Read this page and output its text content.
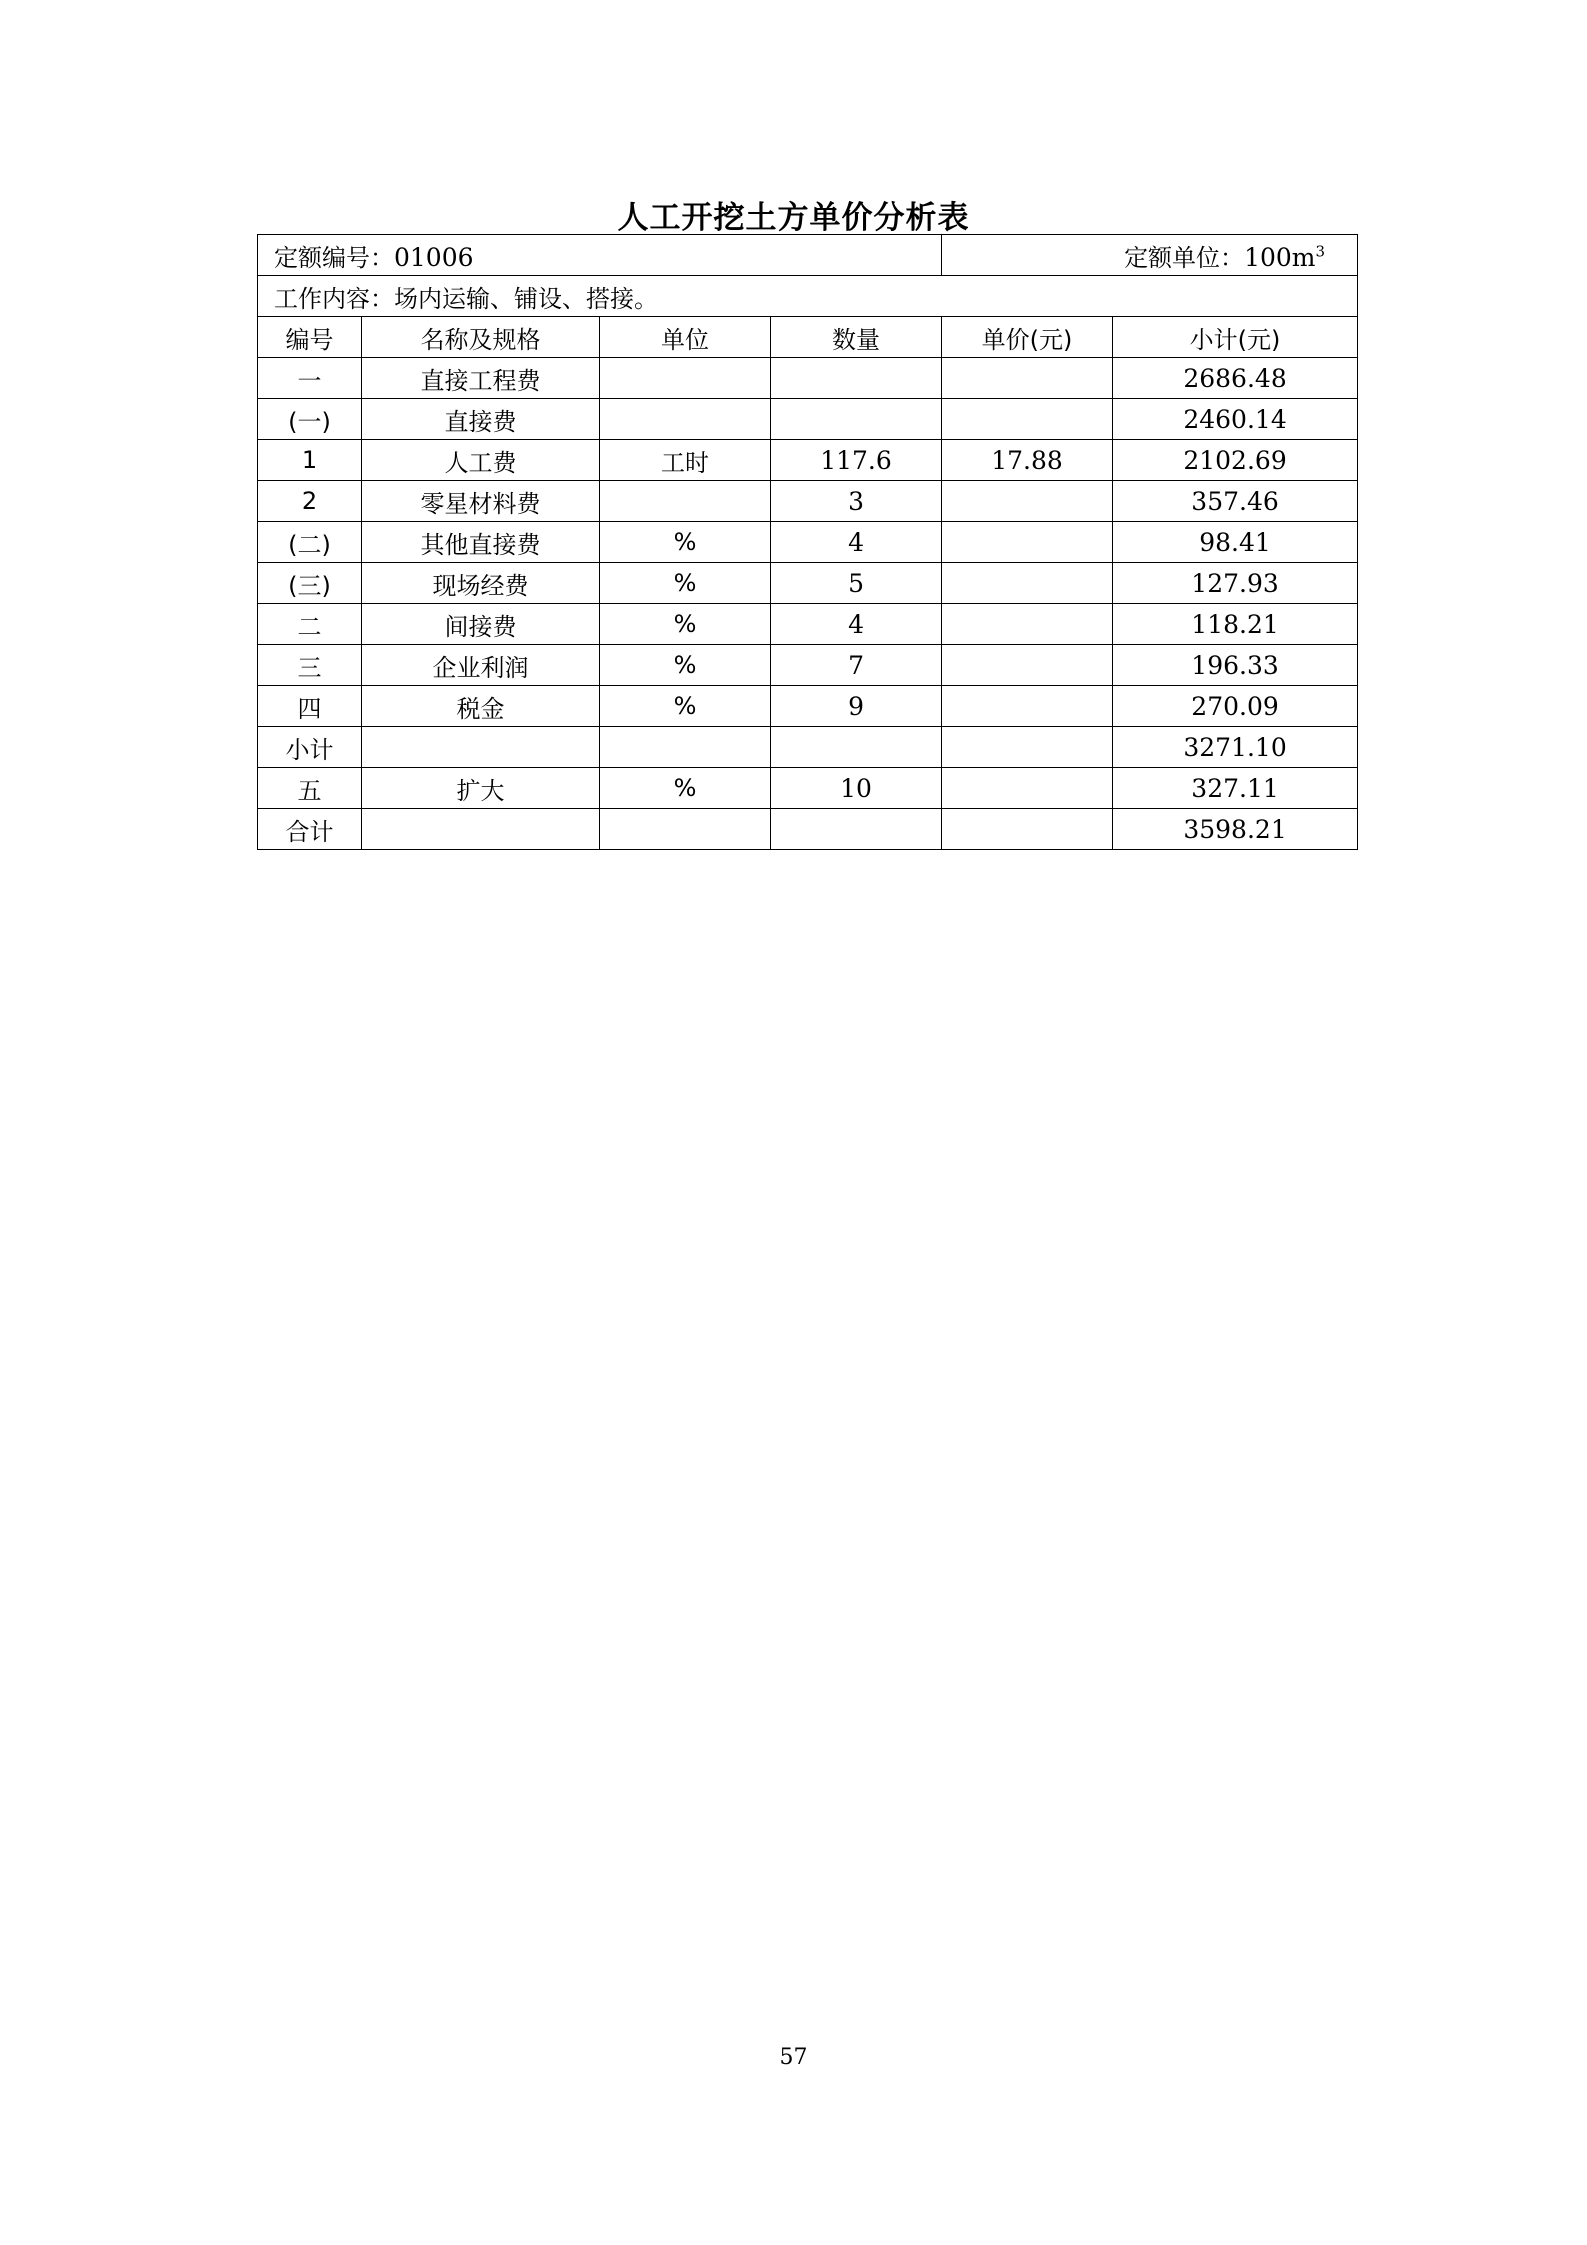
人工开挖土方单价分析表
定额编号：01006				定额单位：$100m^3$
工作内容：场内运输、铺设、搭接。					
编号	名称及规格	单位	数量	单价(元)	小计(元)
一	直接工程费				2686.48
(一)	直接费				2460.14
1	人工费	工时	117.6	17.88	2102.69
2	零星材料费		3		357.46
(二)	其他直接费	%	4		98.41
(三)	现场经费	%	5		127.93
二	间接费	%	4		118.21
三	企业利润	%	7		196.33
四	税金	%	9		270.09
小计					3271.10
五	扩大	%	10		327.11
合计					3598.21
57
